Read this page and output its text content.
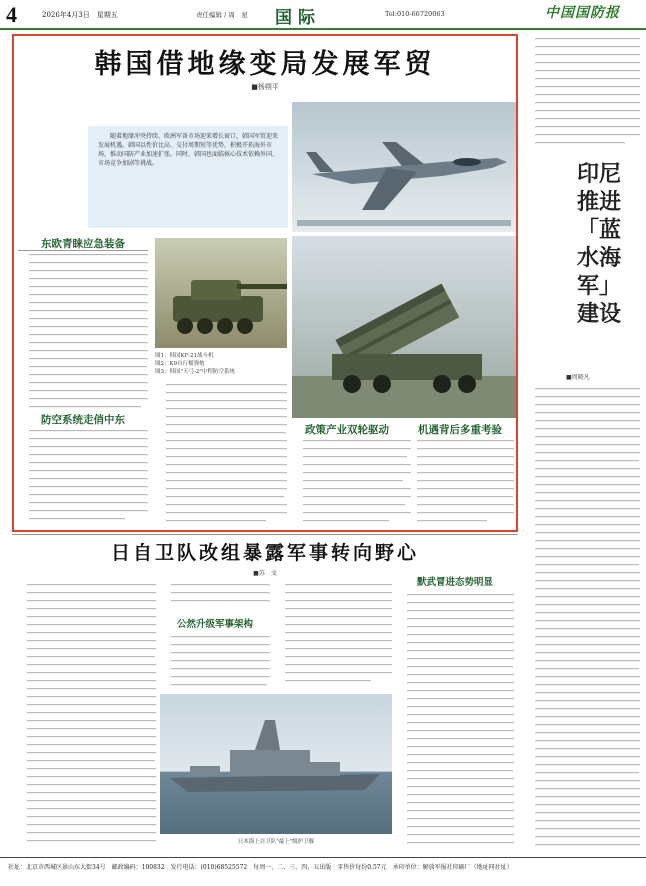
4	2026年4月3日　星期五	责任编辑 / 周　星 国际	Tel:010-66720063	中国国防报
韩国借地缘变局发展军贸
■杨朔平
随着地缘冲突持续、欧洲军备市场迎来增长窗口，韩国军贸迎来发展机遇。韩国以性价比高、交付周期短等优势，积极开拓海外市场，推动国防产业加速扩张。同时，韩国也面临核心技术依赖外国、市场竞争加剧等挑战。
东欧青睐应急装备
防空系统走俏中东
图1：韩国KF-21战斗机
图2：K9自行榴弹炮
图3：韩国"天弓-2"中程防空系统
政策产业双轮驱动	机遇背后多重考验
印尼推进「蓝水海军」建设
■周晓凡
日自卫队改组暴露军事转向野心
■苏　文
公然升级军事架构
默武冒进态势明显
日本海上自卫队"最上"级护卫舰
社址：北京市西城区景山东大街34号　邮政编码：100832　发行电话：(010)68525572　每周一、二、三、四、五出版　零售价每份0.57元　承印单位：解放军报社印刷厂（地址同社址）
